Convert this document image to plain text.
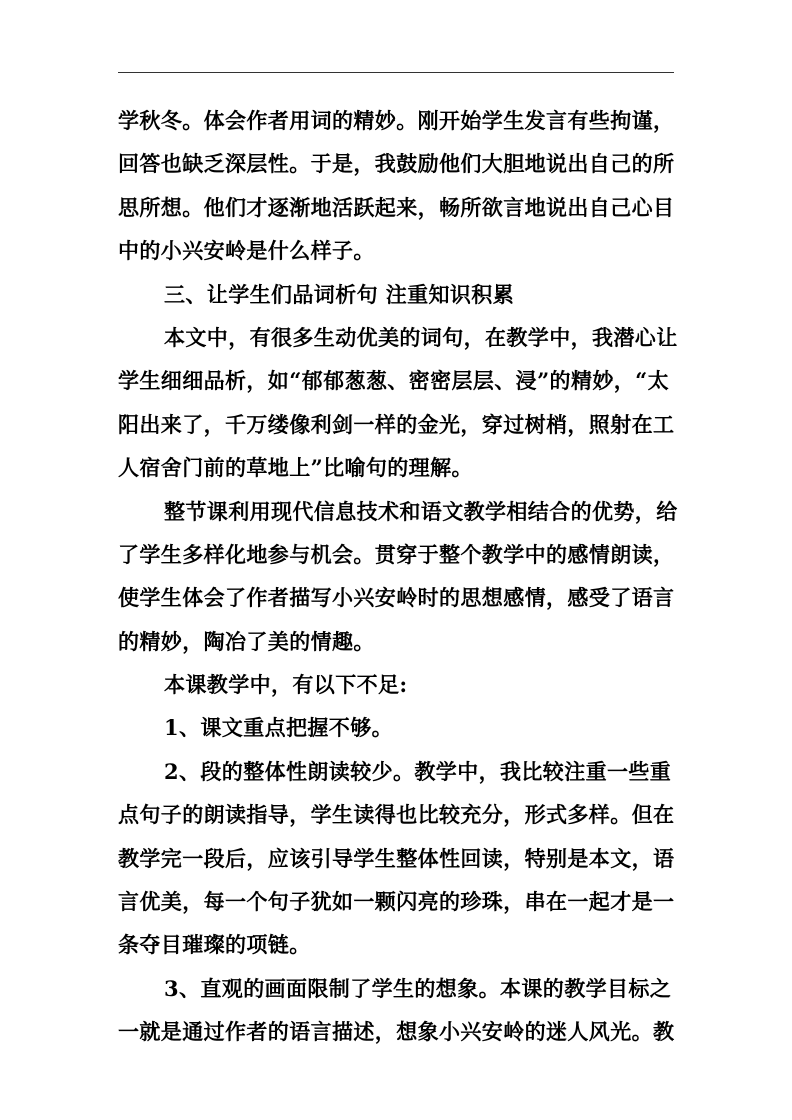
学秋冬。体会作者用词的精妙。刚开始学生发言有些拘谨，
回答也缺乏深层性。于是，我鼓励他们大胆地说出自己的所
思所想。他们才逐渐地活跃起来，畅所欲言地说出自己心目
中的小兴安岭是什么样子。
三、让学生们品词析句 注重知识积累
本文中，有很多生动优美的词句，在教学中，我潜心让
学生细细品析，如“郁郁葱葱、密密层层、浸”的精妙，“太
阳出来了，千万缕像利剑一样的金光，穿过树梢，照射在工
人宿舍门前的草地上”比喻句的理解。
整节课利用现代信息技术和语文教学相结合的优势，给
了学生多样化地参与机会。贯穿于整个教学中的感情朗读，
使学生体会了作者描写小兴安岭时的思想感情，感受了语言
的精妙，陶冶了美的情趣。
本课教学中，有以下不足:
1、课文重点把握不够。
2、段的整体性朗读较少。教学中，我比较注重一些重
点句子的朗读指导，学生读得也比较充分，形式多样。但在
教学完一段后，应该引导学生整体性回读，特别是本文，语
言优美，每一个句子犹如一颗闪亮的珍珠，串在一起才是一
条夺目璀璨的项链。
3、直观的画面限制了学生的想象。本课的教学目标之
一就是通过作者的语言描述，想象小兴安岭的迷人风光。教
